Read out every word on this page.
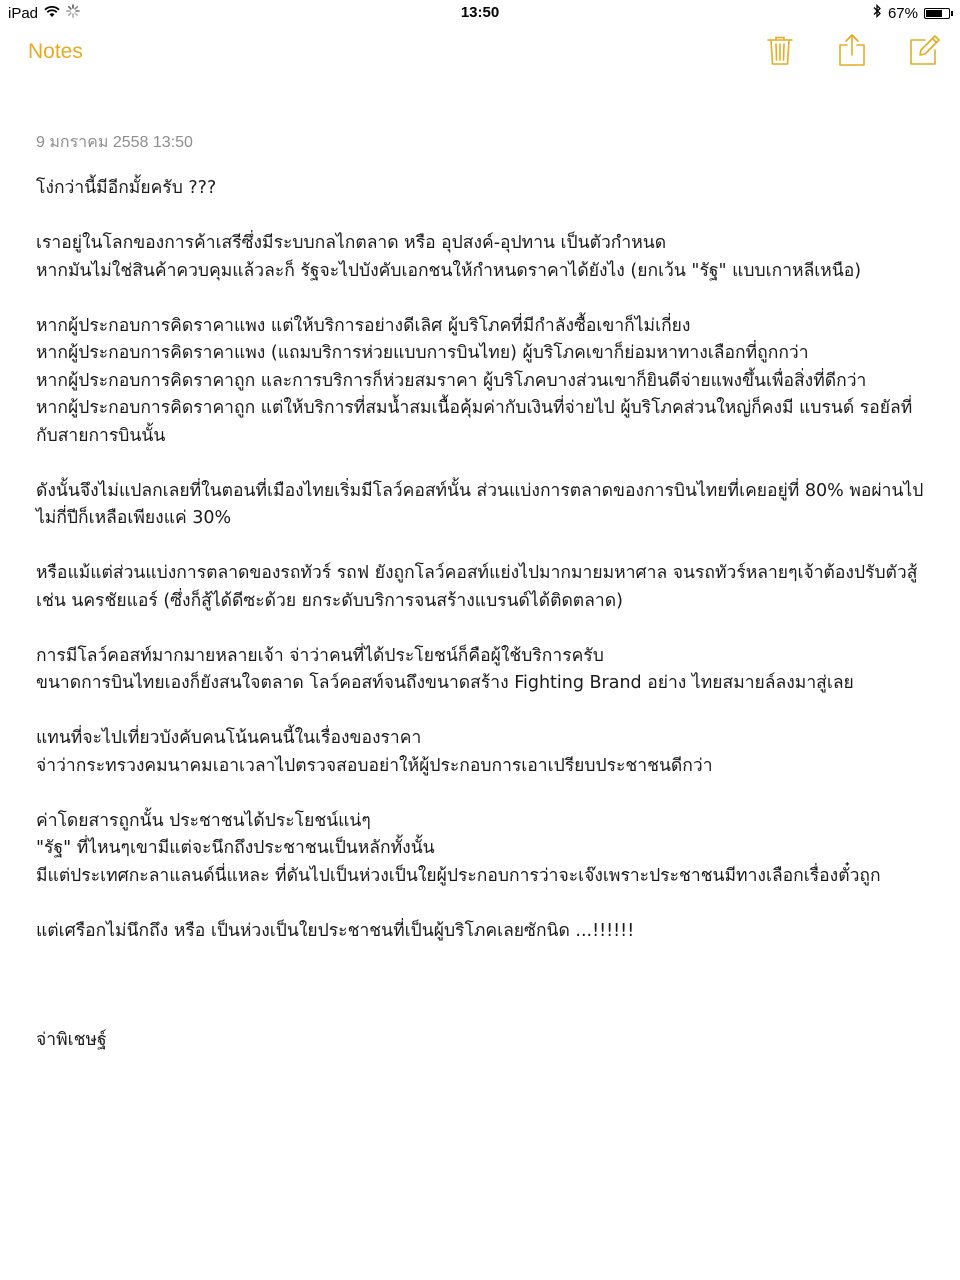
iPad	13:50	67%
Notes
9 มกราคม 2558 13:50
โง่กว่านี้มีอีกมั้ยครับ ???
เราอยู่ในโลกของการค้าเสรีซึ่งมีระบบกลไกตลาด หรือ อุปสงค์-อุปทาน เป็นตัวกำหนด
หากมันไม่ใช่สินค้าควบคุมแล้วละก็ รัฐจะไปบังคับเอกชนให้กำหนดราคาได้ยังไง (ยกเว้น "รัฐ" แบบเกาหลีเหนือ)
หากผู้ประกอบการคิดราคาแพง แต่ให้บริการอย่างดีเลิศ ผู้บริโภคที่มีกำลังซื้อเขาก็ไม่เกี่ยง
หากผู้ประกอบการคิดราคาแพง (แถมบริการห่วยแบบการบินไทย) ผู้บริโภคเขาก็ย่อมหาทางเลือกที่ถูกกว่า
หากผู้ประกอบการคิดราคาถูก และการบริการก็ห่วยสมราคา ผู้บริโภคบางส่วนเขาก็ยินดีจ่ายแพงขึ้นเพื่อสิ่งที่ดีกว่า
หากผู้ประกอบการคิดราคาถูก แต่ให้บริการที่สมน้ำสมเนื้อคุ้มค่ากับเงินที่จ่ายไป ผู้บริโภคส่วนใหญ่ก็คงมี แบรนด์ รอยัลที่กับสายการบินนั้น
ดังนั้นจึงไม่แปลกเลยที่ในตอนที่เมืองไทยเริ่มมีโลว์คอสท์นั้น ส่วนแบ่งการตลาดของการบินไทยที่เคยอยู่ที่ 80% พอผ่านไปไม่กี่ปีก็เหลือเพียงแค่ 30%
หรือแม้แต่ส่วนแบ่งการตลาดของรถทัวร์ รถฟ ยังถูกโลว์คอสท์แย่งไปมากมายมหาศาล จนรถทัวร์หลายๆเจ้าต้องปรับตัวสู้ เช่น นครชัยแอร์ (ซึ่งก็สู้ได้ดีซะด้วย ยกระดับบริการจนสร้างแบรนด์ได้ติดตลาด)
การมีโลว์คอสท์มากมายหลายเจ้า จ่าว่าคนที่ได้ประโยชน์ก็คือผู้ใช้บริการครับ
ขนาดการบินไทยเองก็ยังสนใจตลาด โลว์คอสท์จนถึงขนาดสร้าง Fighting Brand อย่าง ไทยสมายล์ลงมาสู่เลย
แทนที่จะไปเที่ยวบังคับคนโน้นคนนี้ในเรื่องของราคา
จ่าว่ากระทรวงคมนาคมเอาเวลาไปตรวจสอบอย่าให้ผู้ประกอบการเอาเปรียบประชาชนดีกว่า
ค่าโดยสารถูกนั้น ประชาชนได้ประโยชน์แน่ๆ
"รัฐ" ที่ไหนๆเขามีแต่จะนึกถึงประชาชนเป็นหลักทั้งนั้น
มีแต่ประเทศกะลาแลนด์นี่แหละ ที่ดันไปเป็นห่วงเป็นใยผู้ประกอบการว่าจะเจ๊งเพราะประชาชนมีทางเลือกเรื่องตั๋วถูก
แต่เศรือกไม่นึกถึง หรือ เป็นห่วงเป็นใยประชาชนที่เป็นผู้บริโภคเลยซักนิด ...!!!!!!
จ่าพิเชษฐ์
